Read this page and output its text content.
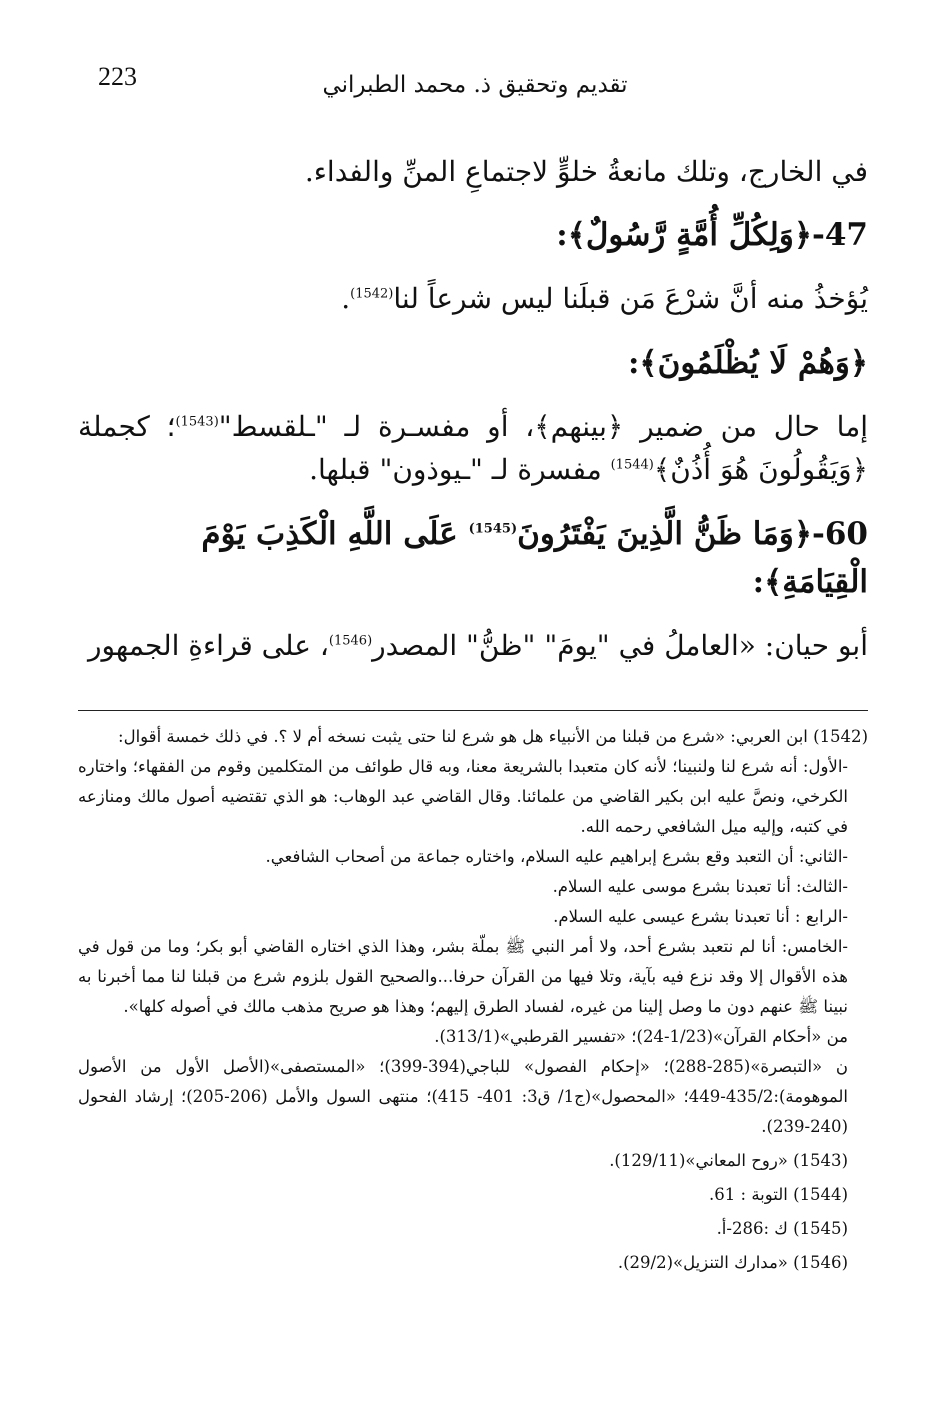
223	تقديم وتحقيق ذ. محمد الطبراني

في الخارج، وتلك مانعةُ خلوٍّ لاجتماعِ المنِّ والفداء.

47-﴿وَلِكُلِّ أُمَّةٍ رَّسُولٌ﴾:

يُؤخذُ منه أنَّ شرْعَ مَن قبلَنا ليس شرعاً لنا$^{(1542)}$.

﴿وَهُمْ لَا يُظْلَمُونَ﴾:

إما حال من ضمير ﴿بينهم﴾، أو مفسـرة لـ "ـلقسط"$^{(1543)}$؛ كجملة ﴿وَيَقُولُونَ هُوَ أُذُنٌ﴾$^{(1544)}$ مفسرة لـ "ـيوذون" قبلها.

60-﴿وَمَا ظَنُّ الَّذِينَ يَفْتَرُونَ$^{(1545)}$ عَلَى اللَّهِ الْكَذِبَ يَوْمَ الْقِيَامَةِ﴾:

أبو حيان: «العاملُ في "يومَ" "ظنُّ" المصدر$^{(1546)}$، على قراءةِ الجمهور

(1542) ابن العربي: «شرع من قبلنا من الأنبياء هل هو شرع لنا حتى يثبت نسخه أم لا ؟. في ذلك خمسة أقوال:

-الأول: أنه شرع لنا ولنبينا؛ لأنه كان متعبدا بالشريعة معنا، وبه قال طوائف من المتكلمين وقوم من الفقهاء؛ واختاره الكرخي، ونصَّ عليه ابن بكير القاضي من علمائنا. وقال القاضي عبد الوهاب: هو الذي تقتضيه أصول مالك ومنازعه في كتبه، وإليه ميل الشافعي رحمه الله.

-الثاني: أن التعبد وقع بشرع إبراهيم عليه السلام، واختاره جماعة من أصحاب الشافعي.

-الثالث: أنا تعبدنا بشرع موسى عليه السلام.

-الرابع : أنا تعبدنا بشرع عيسى عليه السلام.

-الخامس: أنا لم نتعبد بشرع أحد، ولا أمر النبي ﷺ بملّة بشر، وهذا الذي اختاره القاضي أبو بكر؛ وما من قول في هذه الأقوال إلا وقد نزع فيه بآية، وتلا فيها من القرآن حرفا...والصحيح القول بلزوم شرع من قبلنا لنا مما أخبرنا به نبينا ﷺ عنهم دون ما وصل إلينا من غيره، لفساد الطرق إليهم؛ وهذا هو صريح مذهب مالك في أصوله كلها».

من «أحكام القرآن»(1/23-24)؛ «تفسير القرطبي»(313/1).

ن «التبصرة»(285-288)؛ «إحكام الفصول» للباجي(394-399)؛ «المستصفى»(الأصل الأول من الأصول الموهومة):435/2-449؛ «المحصول»(ج1/ ق3: 401- 415)؛ منتهى السول والأمل (206-205)؛ إرشاد الفحول (240-239).

(1543) «روح المعاني»(129/11).

(1544) التوبة : 61.

(1545) ك :286-أ.

(1546) «مدارك التنزيل»(29/2).
